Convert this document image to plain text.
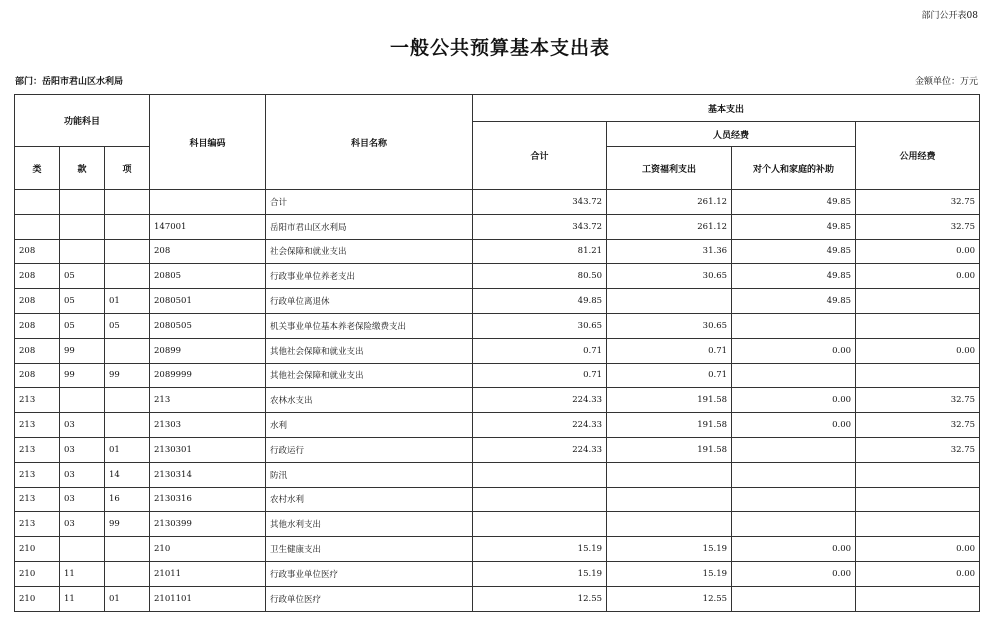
部门公开表08
一般公共预算基本支出表
部门：岳阳市君山区水利局	金额单位：万元
功能科目			科目编码	科目名称	基本支出			
					合计	人员经费		公用经费
类	款	项				工资福利支出	对个人和家庭的补助	
				合计	343.72	261.12	49.85	32.75
			147001	岳阳市君山区水利局	343.72	261.12	49.85	32.75
208			208	社会保障和就业支出	81.21	31.36	49.85	0.00
208	05		20805	行政事业单位养老支出	80.50	30.65	49.85	0.00
208	05	01	2080501	行政单位离退休	49.85		49.85	
208	05	05	2080505	机关事业单位基本养老保险缴费支出	30.65	30.65		
208	99		20899	其他社会保障和就业支出	0.71	0.71	0.00	0.00
208	99	99	2089999	其他社会保障和就业支出	0.71	0.71		
213			213	农林水支出	224.33	191.58	0.00	32.75
213	03		21303	水利	224.33	191.58	0.00	32.75
213	03	01	2130301	行政运行	224.33	191.58		32.75
213	03	14	2130314	防汛				
213	03	16	2130316	农村水利				
213	03	99	2130399	其他水利支出				
210			210	卫生健康支出	15.19	15.19	0.00	0.00
210	11		21011	行政事业单位医疗	15.19	15.19	0.00	0.00
210	11	01	2101101	行政单位医疗	12.55	12.55		
